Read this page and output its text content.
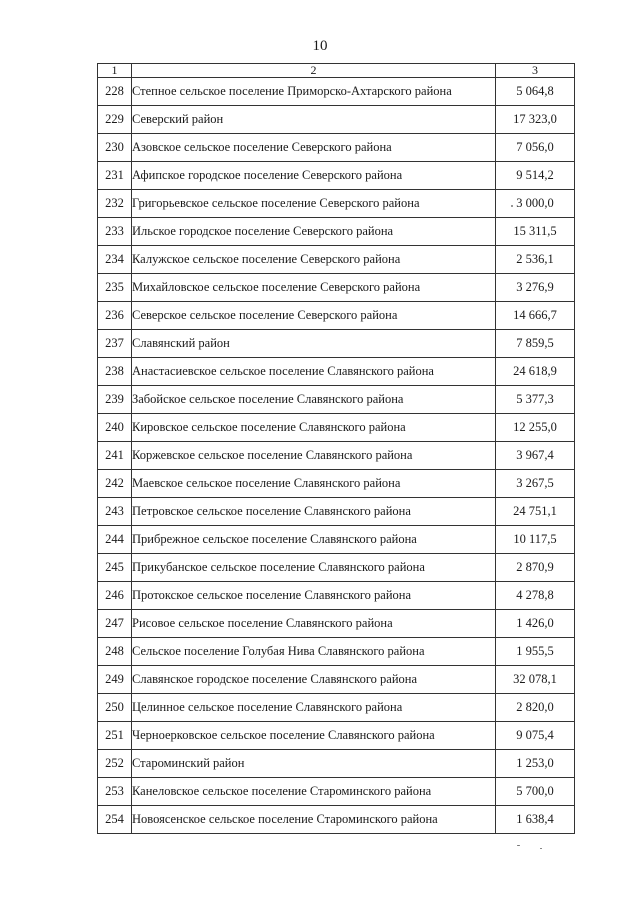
10
1	2	3
228	Степное сельское поселение Приморско-Ахтарского района	5 064,8
229	Северский район	17 323,0
230	Азовское сельское поселение Северского района	7 056,0
231	Афипское городское поселение Северского района	9 514,2
232	Григорьевское сельское поселение Северского района	3 000,0
233	Ильское городское поселение Северского района	15 311,5
234	Калужское сельское поселение Северского района	2 536,1
235	Михайловское сельское поселение Северского района	3 276,9
236	Северское сельское поселение Северского района	14 666,7
237	Славянский район	7 859,5
238	Анастасиевское сельское поселение Славянского района	24 618,9
239	Забойское сельское поселение Славянского района	5 377,3
240	Кировское сельское поселение Славянского района	12 255,0
241	Коржевское сельское поселение Славянского района	3 967,4
242	Маевское сельское поселение Славянского района	3 267,5
243	Петровское сельское поселение Славянского района	24 751,1
244	Прибрежное сельское поселение Славянского района	10 117,5
245	Прикубанское сельское поселение Славянского района	2 870,9
246	Протокское сельское поселение Славянского района	4 278,8
247	Рисовое сельское поселение Славянского района	1 426,0
248	Сельское поселение Голубая Нива Славянского района	1 955,5
249	Славянское городское поселение Славянского района	32 078,1
250	Целинное сельское поселение Славянского района	2 820,0
251	Черноерковское сельское поселение Славянского района	9 075,4
252	Староминский район	1 253,0
253	Канеловское сельское поселение Староминского района	5 700,0
254	Новоясенское сельское поселение Староминского района	1 638,4
